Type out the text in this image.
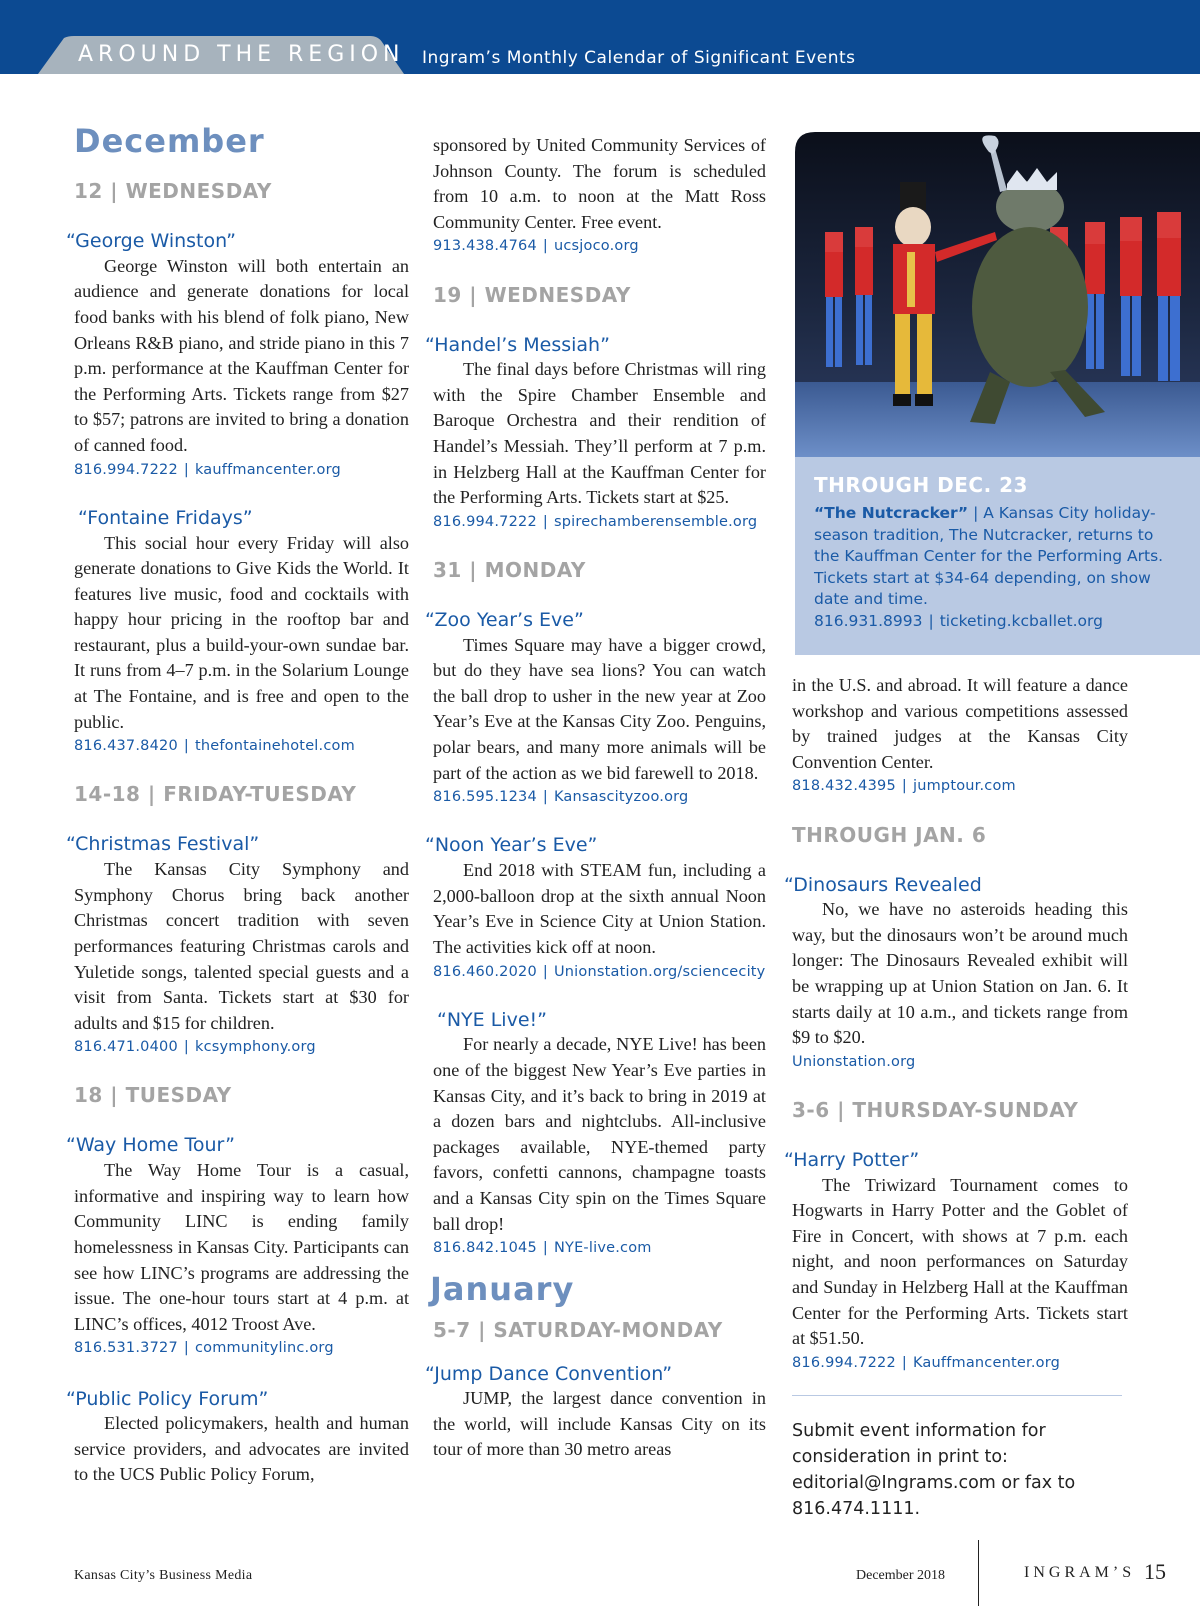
AROUND THE REGION Ingram’s Monthly Calendar of Significant Events
December
12 | WEDNESDAY
“George Winston”
George Winston will both entertain an audience and generate donations for local food banks with his blend of folk piano, New Orleans R&B piano, and stride piano in this 7 p.m. performance at the Kauffman Center for the Performing Arts. Tickets range from $27 to $57; patrons are invited to bring a donation of canned food.
816.994.7222 | kauffmancenter.org
“Fontaine Fridays”
This social hour every Friday will also generate donations to Give Kids the World. It features live music, food and cocktails with happy hour pricing in the rooftop bar and restaurant, plus a build-your-own sundae bar. It runs from 4–7 p.m. in the Solarium Lounge at The Fontaine, and is free and open to the public.
816.437.8420 | thefontainehotel.com
14-18 | FRIDAY-TUESDAY
“Christmas Festival”
The Kansas City Symphony and Symphony Chorus bring back another Christmas concert tradition with seven performances featuring Christmas carols and Yuletide songs, talented special guests and a visit from Santa. Tickets start at $30 for adults and $15 for children.
816.471.0400 | kcsymphony.org
18 | TUESDAY
“Way Home Tour”
The Way Home Tour is a casual, informative and inspiring way to learn how Community LINC is ending family homelessness in Kansas City. Participants can see how LINC’s programs are addressing the issue. The one-hour tours start at 4 p.m. at LINC’s offices, 4012 Troost Ave.
816.531.3727 | communitylinc.org
“Public Policy Forum”
Elected policymakers, health and human service providers, and advocates are invited to the UCS Public Policy Forum,
sponsored by United Community Services of Johnson County. The forum is scheduled from 10 a.m. to noon at the Matt Ross Community Center. Free event.
913.438.4764 | ucsjoco.org
19 | WEDNESDAY
“Handel’s Messiah”
The final days before Christmas will ring with the Spire Chamber Ensemble and Baroque Orchestra and their rendition of Handel’s Messiah. They’ll perform at 7 p.m. in Helzberg Hall at the Kauffman Center for the Performing Arts. Tickets start at $25.
816.994.7222 | spirechamberensemble.org
31 | MONDAY
“Zoo Year’s Eve”
Times Square may have a bigger crowd, but do they have sea lions? You can watch the ball drop to usher in the new year at Zoo Year’s Eve at the Kansas City Zoo. Penguins, polar bears, and many more animals will be part of the action as we bid farewell to 2018.
816.595.1234 | Kansascityzoo.org
“Noon Year’s Eve”
End 2018 with STEAM fun, including a 2,000-balloon drop at the sixth annual Noon Year’s Eve in Science City at Union Station. The activities kick off at noon.
816.460.2020 | Unionstation.org/sciencecity
“NYE Live!”
For nearly a decade, NYE Live! has been one of the biggest New Year’s Eve parties in Kansas City, and it’s back to bring in 2019 at a dozen bars and nightclubs. All-inclusive packages available, NYE-themed party favors, confetti cannons, champagne toasts and a Kansas City spin on the Times Square ball drop!
816.842.1045 | NYE-live.com
January
5-7 | SATURDAY-MONDAY
“Jump Dance Convention”
JUMP, the largest dance convention in the world, will include Kansas City on its tour of more than 30 metro areas
THROUGH DEC. 23
“The Nutcracker” | A Kansas City holiday-season tradition, The Nutcracker, returns to the Kauffman Center for the Performing Arts. Tickets start at $34-64 depending, on show date and time.
816.931.8993 | ticketing.kcballet.org
in the U.S. and abroad. It will feature a dance workshop and various competitions assessed by trained judges at the Kansas City Convention Center.
818.432.4395 | jumptour.com
THROUGH JAN. 6
“Dinosaurs Revealed
No, we have no asteroids heading this way, but the dinosaurs won’t be around much longer: The Dinosaurs Revealed exhibit will be wrapping up at Union Station on Jan. 6. It starts daily at 10 a.m., and tickets range from $9 to $20.
Unionstation.org
3-6 | THURSDAY-SUNDAY
“Harry Potter”
The Triwizard Tournament comes to Hogwarts in Harry Potter and the Goblet of Fire in Concert, with shows at 7 p.m. each night, and noon performances on Saturday and Sunday in Helzberg Hall at the Kauffman Center for the Performing Arts. Tickets start at $51.50.
816.994.7222 | Kauffmancenter.org
Submit event information for consideration in print to: editorial@Ingrams.com or fax to 816.474.1111.
Kansas City’s Business Media	December 2018	INGRAM’S 15
